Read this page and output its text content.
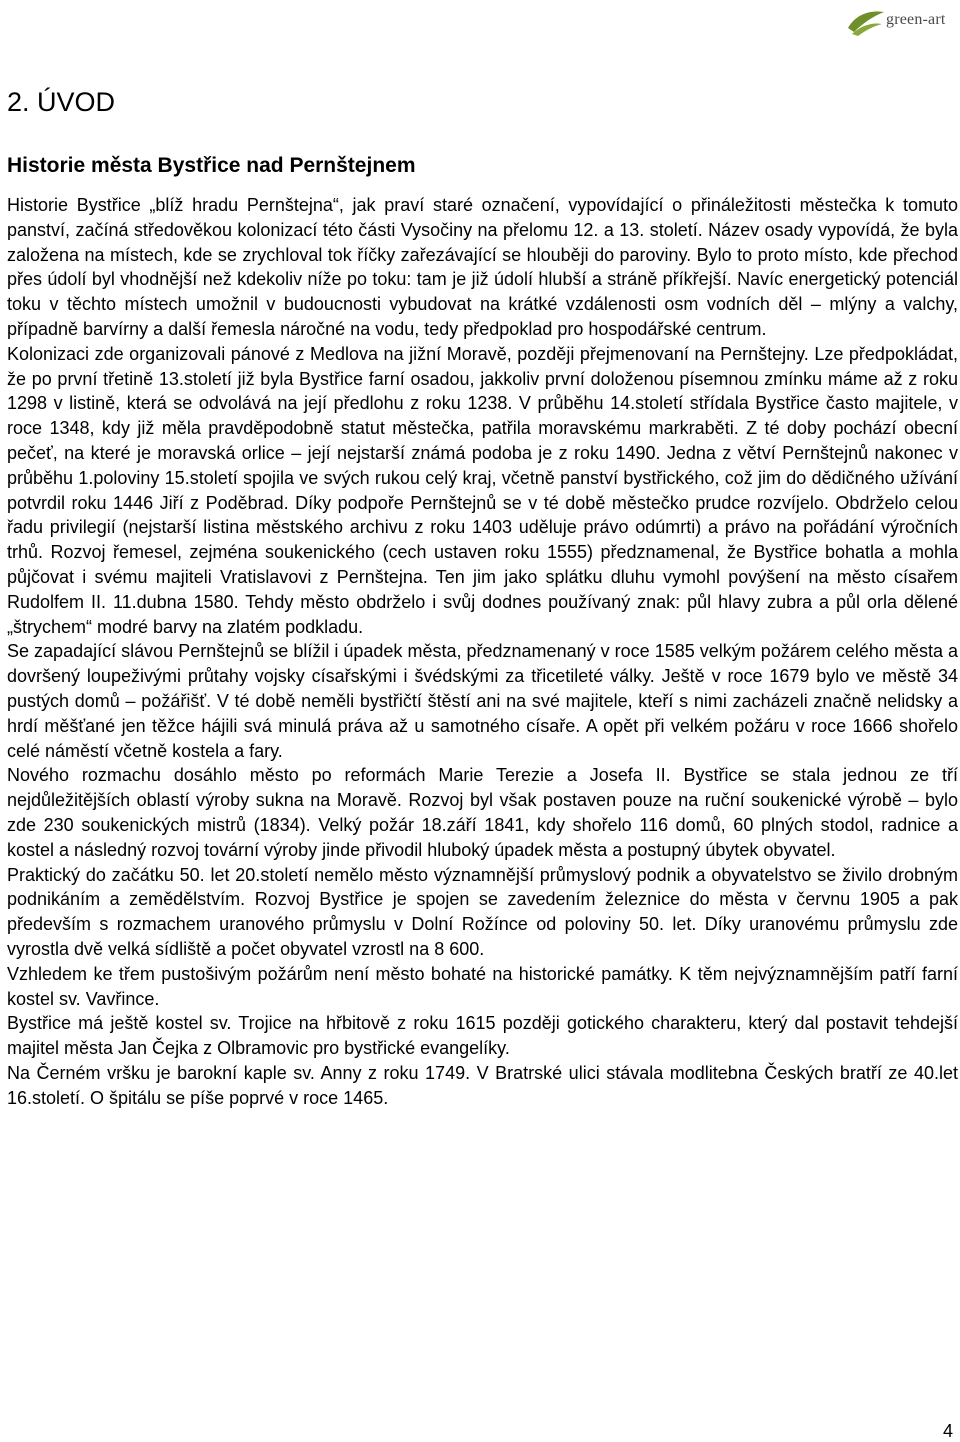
green-art
2. ÚVOD
Historie města Bystřice nad Pernštejnem

Historie Bystřice „blíž hradu Pernštejna“, jak praví staré označení, vypovídající o přináležitosti městečka k tomuto panství, začíná středověkou kolonizací této části Vysočiny na přelomu 12. a 13. století. Název osady vypovídá, že byla založena na místech, kde se zrychloval tok říčky zařezávající se hlouběji do paroviny. Bylo to proto místo, kde přechod přes údolí byl vhodnější než kdekoliv níže po toku: tam je již údolí hlubší a stráně příkřejší. Navíc energetický potenciál toku v těchto místech umožnil v budoucnosti vybudovat na krátké vzdálenosti osm vodních děl – mlýny a valchy, případně barvírny a další řemesla náročné na vodu, tedy předpoklad pro hospodářské centrum.

Kolonizaci zde organizovali pánové z Medlova na jižní Moravě, později přejmenovaní na Pernštejny. Lze předpokládat, že po první třetině 13.století již byla Bystřice farní osadou, jakkoliv první doloženou písemnou zmínku máme až z roku 1298 v listině, která se odvolává na její předlohu z roku 1238. V průběhu 14.století střídala Bystřice často majitele, v roce 1348, kdy již měla pravděpodobně statut městečka, patřila moravskému markraběti. Z té doby pochází obecní pečeť, na které je moravská orlice – její nejstarší známá podoba je z roku 1490. Jedna z větví Pernštejnů nakonec v průběhu 1.poloviny 15.století spojila ve svých rukou celý kraj, včetně panství bystřického, což jim do dědičného užívání potvrdil roku 1446 Jiří z Poděbrad. Díky podpoře Pernštejnů se v té době městečko prudce rozvíjelo. Obdrželo celou řadu privilegií (nejstarší listina městského archivu z roku 1403 uděluje právo odúmrti) a právo na pořádání výročních trhů. Rozvoj řemesel, zejména soukenického (cech ustaven roku 1555) předznamenal, že Bystřice bohatla a mohla půjčovat i svému majiteli Vratislavovi z Pernštejna. Ten jim jako splátku dluhu vymohl povýšení na město císařem Rudolfem II. 11.dubna 1580. Tehdy město obdrželo i svůj dodnes používaný znak: půl hlavy zubra a půl orla dělené „štrychem“ modré barvy na zlatém podkladu.

Se zapadající slávou Pernštejnů se blížil i úpadek města, předznamenaný v roce 1585 velkým požárem celého města a dovršený loupeživými průtahy vojsky císařskými i švédskými za třicetileté války. Ještě v roce 1679 bylo ve městě 34 pustých domů – požářišť. V té době neměli bystřičtí štěstí ani na své majitele, kteří s nimi zacházeli značně nelidsky a hrdí měšťané jen těžce hájili svá minulá práva až u samotného císaře. A opět při velkém požáru v roce 1666 shořelo celé náměstí včetně kostela a fary.

Nového rozmachu dosáhlo město po reformách Marie Terezie a Josefa II. Bystřice se stala jednou ze tří nejdůležitějších oblastí výroby sukna na Moravě. Rozvoj byl však postaven pouze na ruční soukenické výrobě – bylo zde 230 soukenických mistrů (1834). Velký požár 18.září 1841, kdy shořelo 116 domů, 60 plných stodol, radnice a kostel a následný rozvoj tovární výroby jinde přivodil hluboký úpadek města a postupný úbytek obyvatel.

Praktický do začátku 50. let 20.století nemělo město významnější průmyslový podnik a obyvatelstvo se živilo drobným podnikáním a zemědělstvím. Rozvoj Bystřice je spojen se zavedením železnice do města v červnu 1905 a pak především s rozmachem uranového průmyslu v Dolní Rožínce od poloviny 50. let. Díky uranovému průmyslu zde vyrostla dvě velká sídliště a počet obyvatel vzrostl na 8 600.

Vzhledem ke třem pustošivým požárům není město bohaté na historické památky. K těm nejvýznamnějším patří farní kostel sv. Vavřince.

Bystřice má ještě kostel sv. Trojice na hřbitově z roku 1615 později gotického charakteru, který dal postavit tehdejší majitel města Jan Čejka z Olbramovic pro bystřické evangelíky.

Na Černém vršku je barokní kaple sv. Anny z roku 1749. V Bratrské ulici stávala modlitebna Českých bratří ze 40.let 16.století. O špitálu se píše poprvé v roce 1465.

4
